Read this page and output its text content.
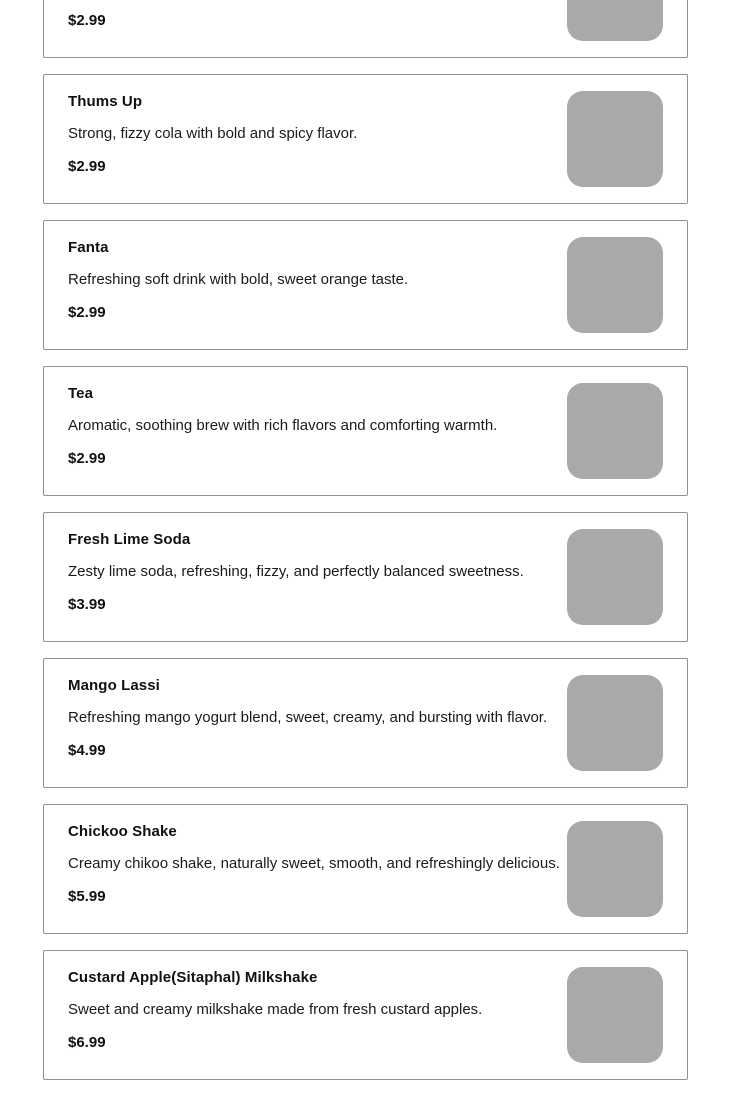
$2.99
Thums Up
Strong, fizzy cola with bold and spicy flavor.
$2.99
Fanta
Refreshing soft drink with bold, sweet orange taste.
$2.99
Tea
Aromatic, soothing brew with rich flavors and comforting warmth.
$2.99
Fresh Lime Soda
Zesty lime soda, refreshing, fizzy, and perfectly balanced sweetness.
$3.99
Mango Lassi
Refreshing mango yogurt blend, sweet, creamy, and bursting with flavor.
$4.99
Chickoo Shake
Creamy chikoo shake, naturally sweet, smooth, and refreshingly delicious.
$5.99
Custard Apple(Sitaphal) Milkshake
Sweet and creamy milkshake made from fresh custard apples.
$6.99
